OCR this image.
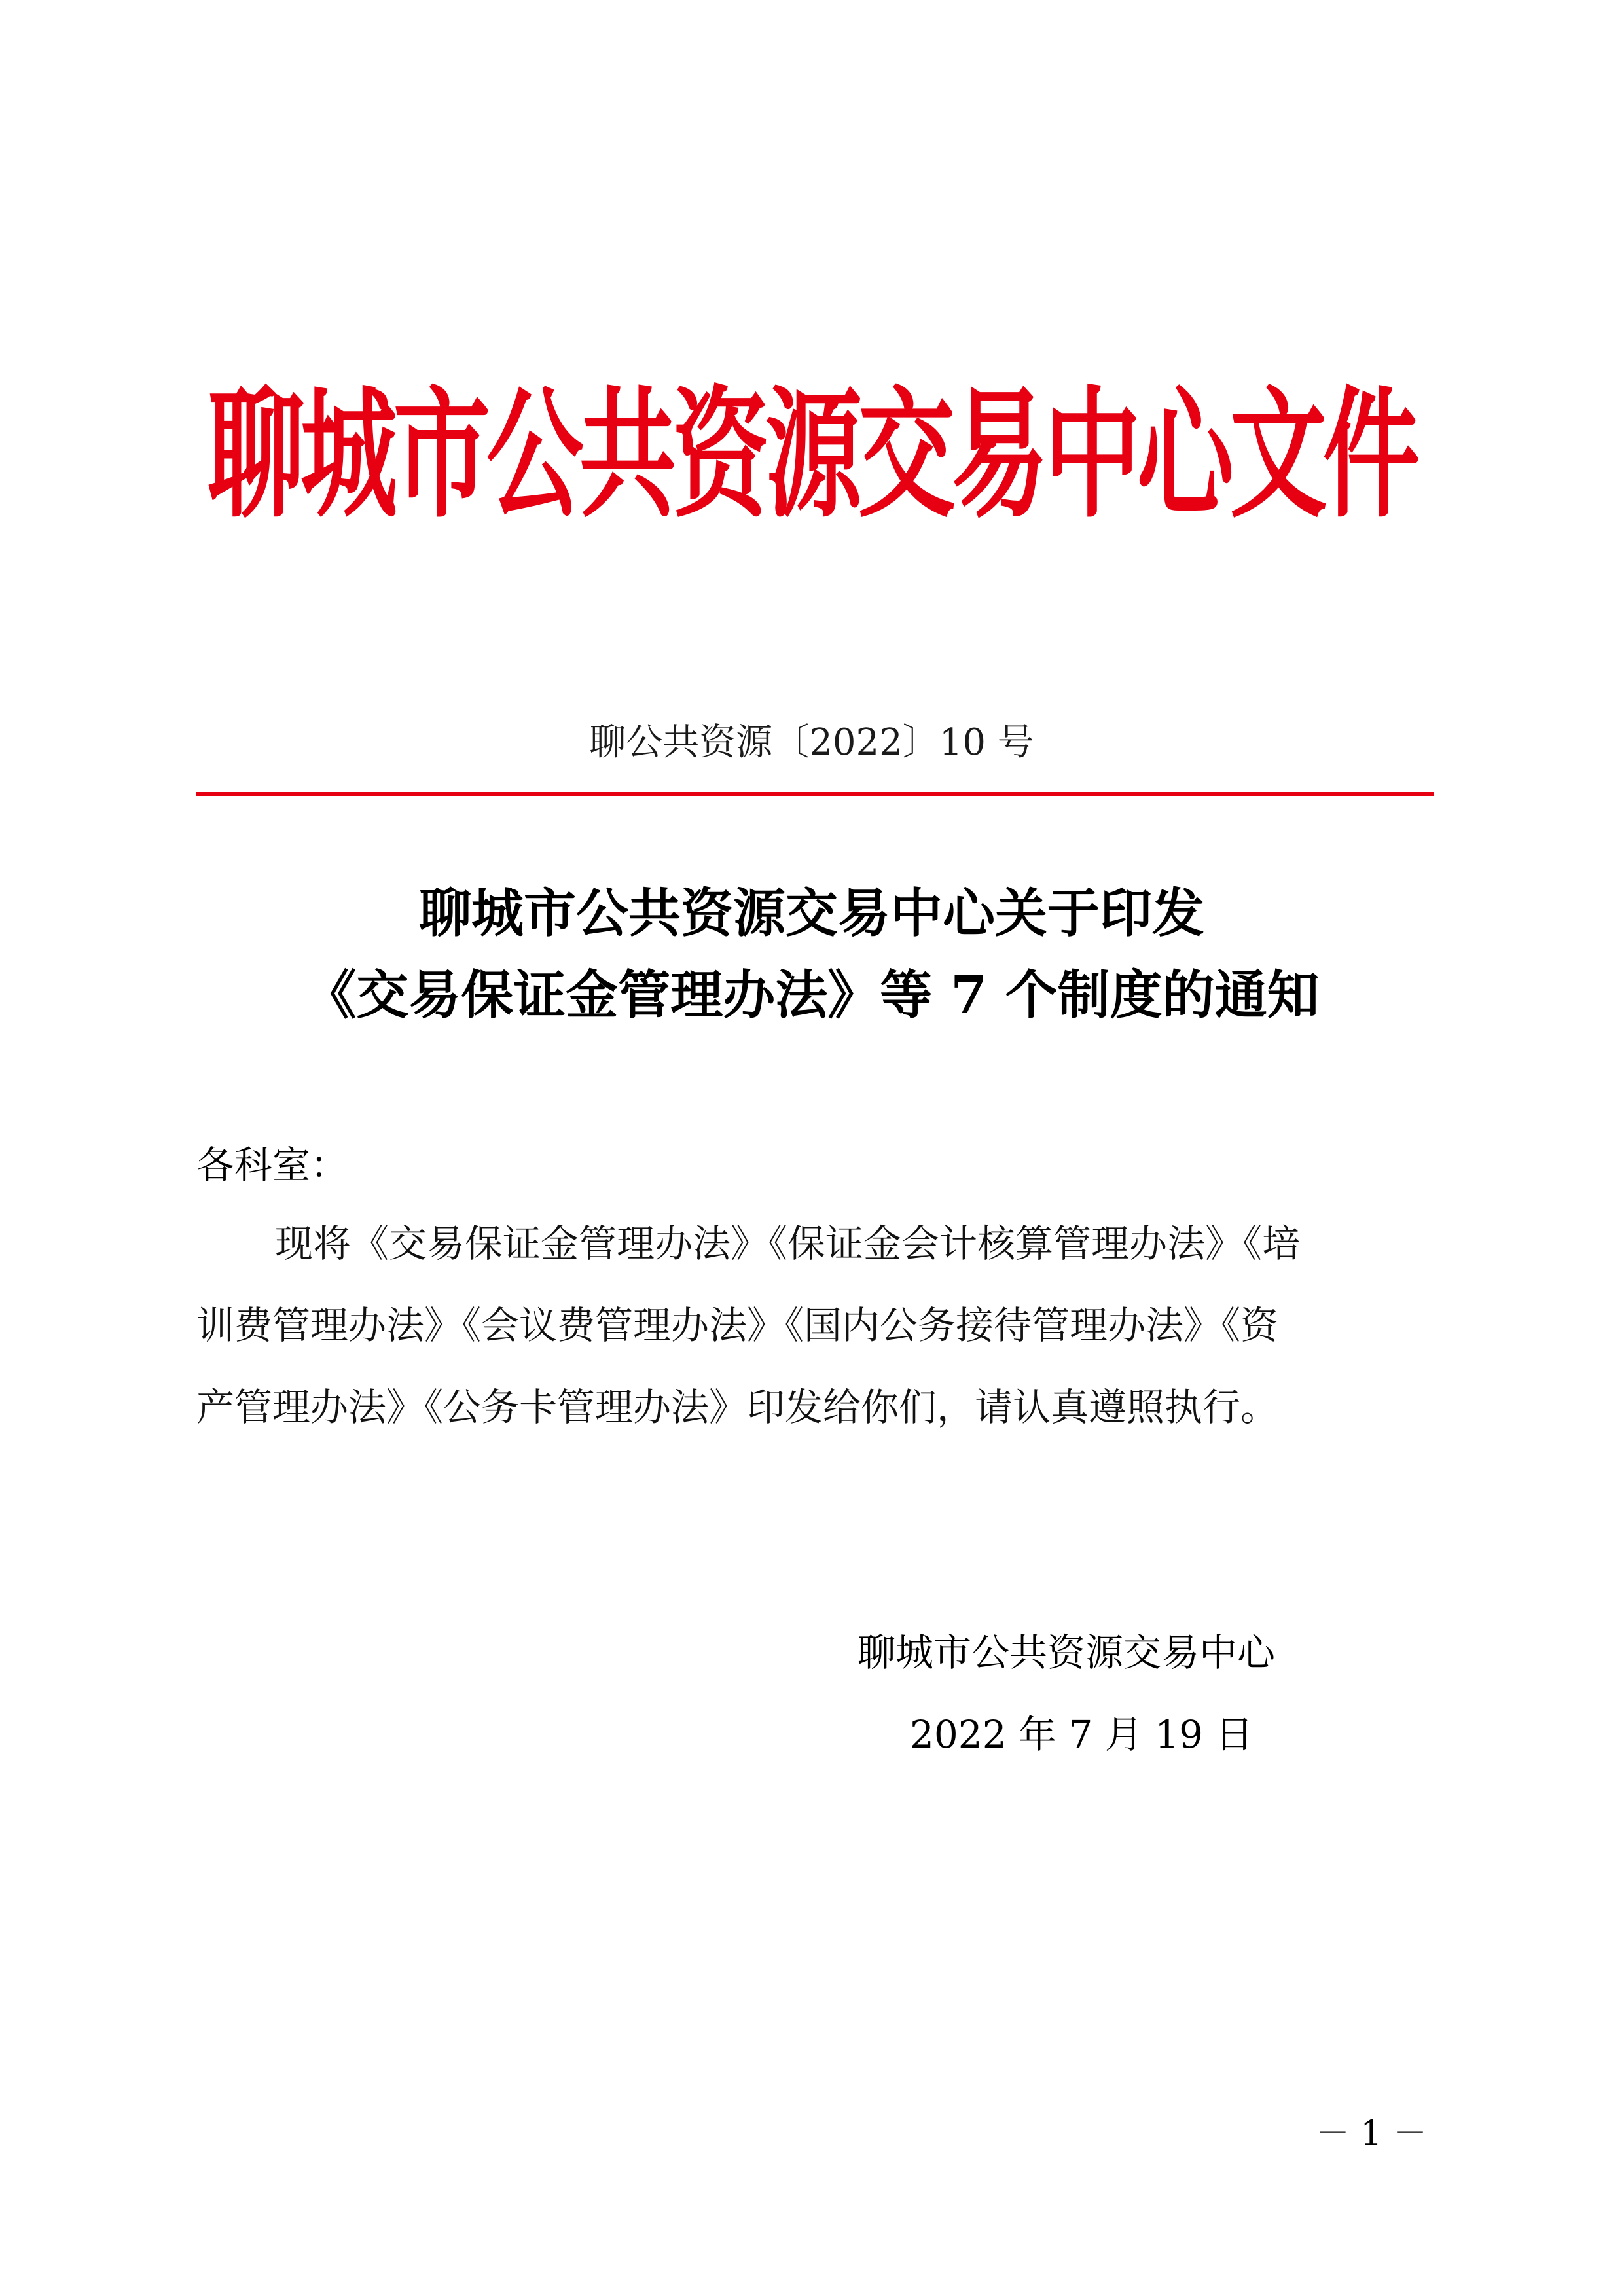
聊城市公共资源交易中心文件
聊公共资源〔2022〕10 号
聊城市公共资源交易中心关于印发
《交易保证金管理办法》等 7 个制度的通知
各科室：
现将《交易保证金管理办法》《保证金会计核算管理办法》《培
训费管理办法》《会议费管理办法》《国内公务接待管理办法》《资
产管理办法》《公务卡管理办法》印发给你们，请认真遵照执行。
聊城市公共资源交易中心
2022 年 7 月 19 日
－ 1 －
